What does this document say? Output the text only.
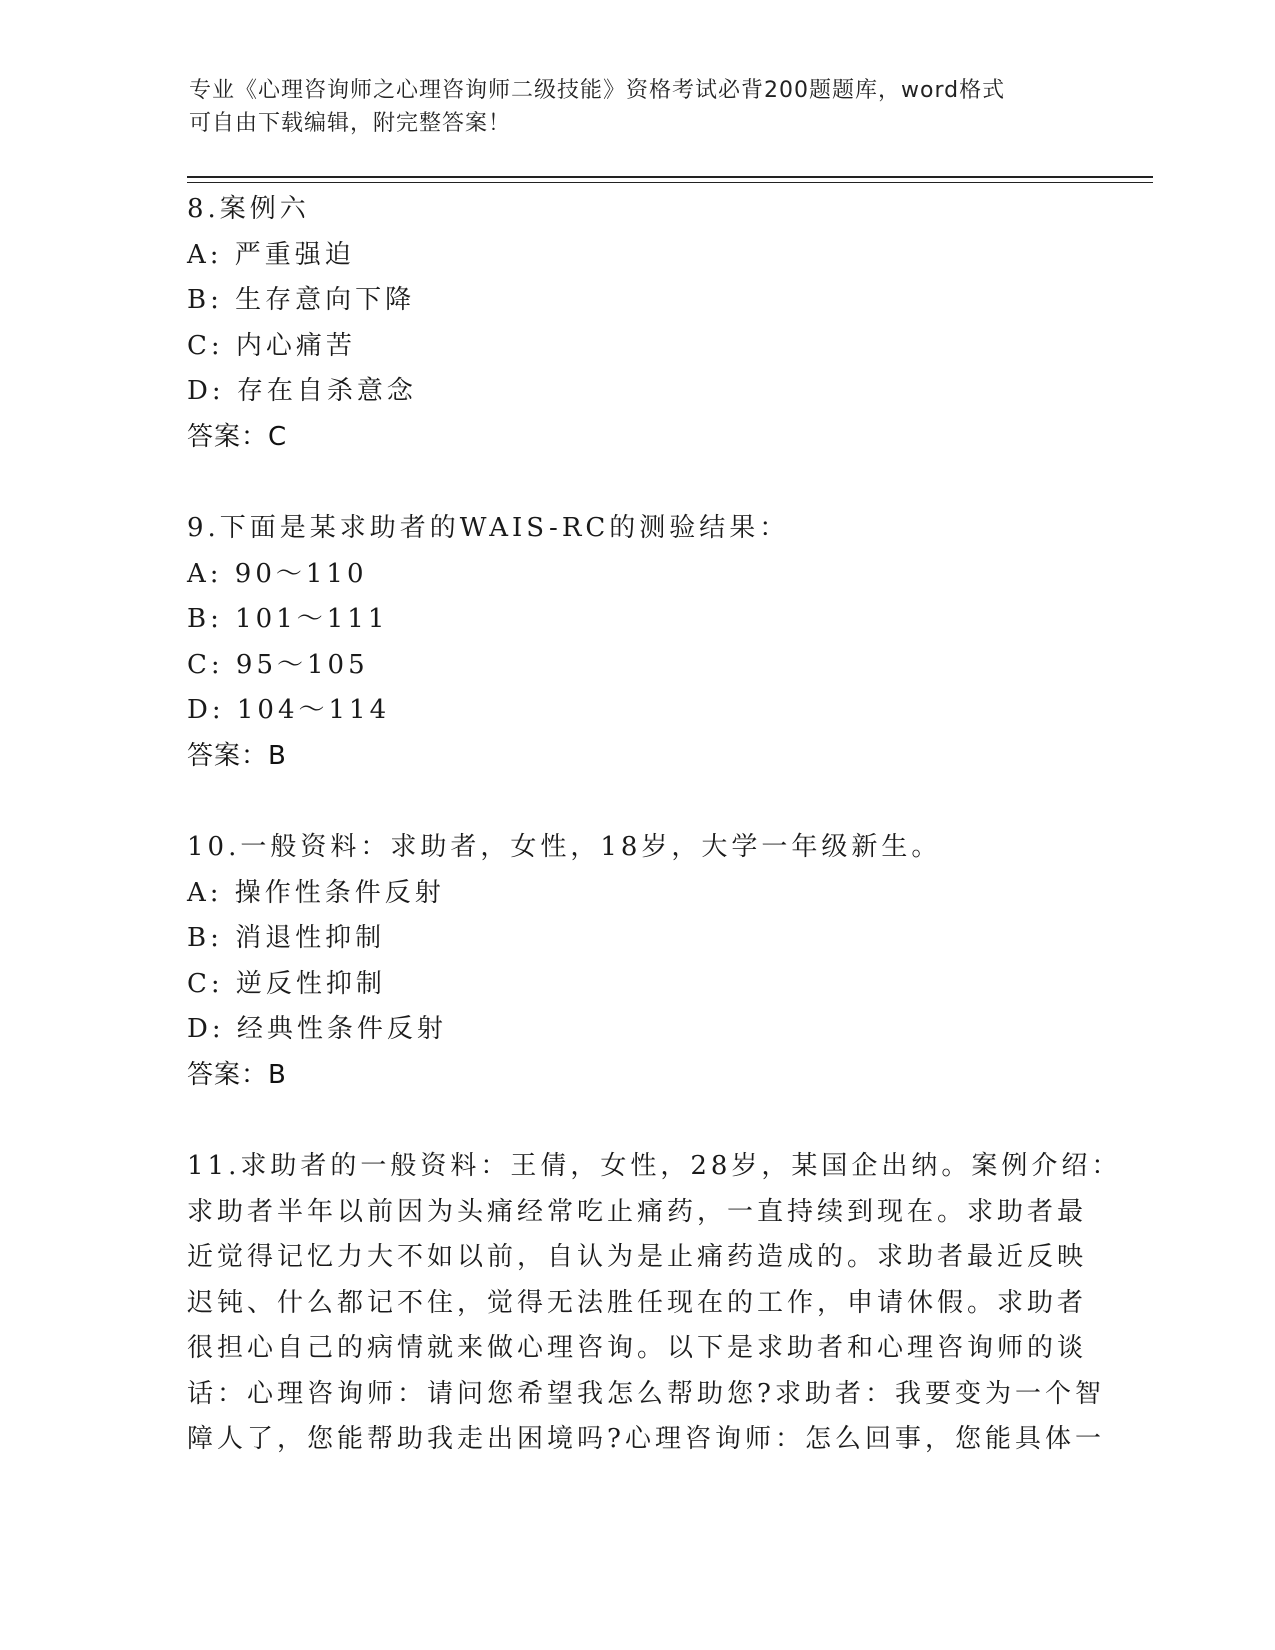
专业《心理咨询师之心理咨询师二级技能》资格考试必背200题题库，word格式
可自由下载编辑，附完整答案！
8.案例六
A: 严重强迫
B: 生存意向下降
C: 内心痛苦
D: 存在自杀意念
答案：C
9.下面是某求助者的WAIS-RC的测验结果：
A: 90～110
B: 101～111
C: 95～105
D: 104～114
答案：B
10.一般资料：求助者，女性，18岁，大学一年级新生。
A: 操作性条件反射
B: 消退性抑制
C: 逆反性抑制
D: 经典性条件反射
答案：B
11.求助者的一般资料：王倩，女性，28岁，某国企出纳。案例介绍：
求助者半年以前因为头痛经常吃止痛药，一直持续到现在。求助者最
近觉得记忆力大不如以前，自认为是止痛药造成的。求助者最近反映
迟钝、什么都记不住，觉得无法胜任现在的工作，申请休假。求助者
很担心自己的病情就来做心理咨询。以下是求助者和心理咨询师的谈
话：心理咨询师：请问您希望我怎么帮助您?求助者：我要变为一个智
障人了，您能帮助我走出困境吗?心理咨询师：怎么回事，您能具体一
